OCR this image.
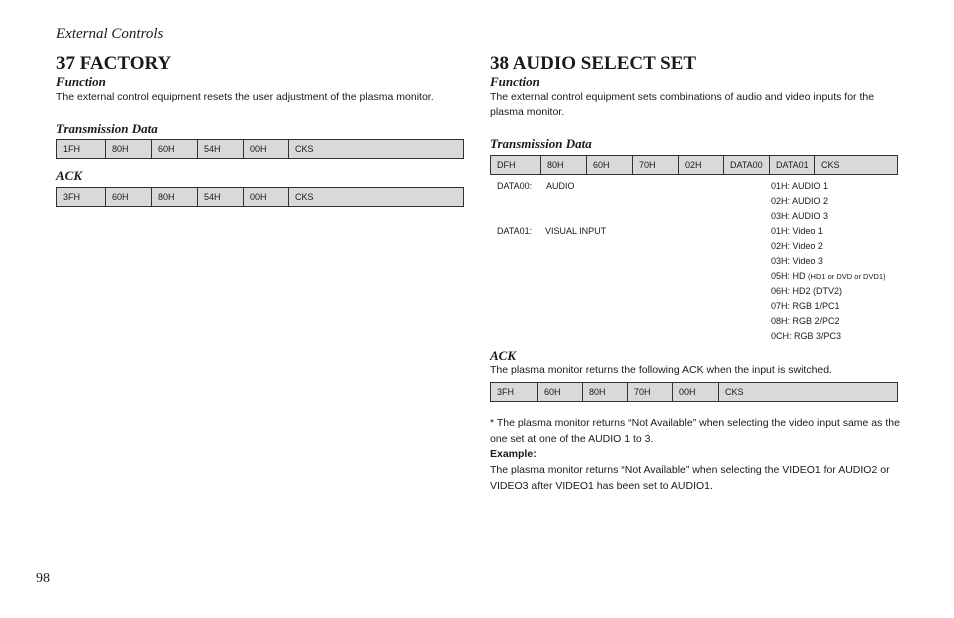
External Controls
37 FACTORY
Function
The external control equipment resets the user adjustment of the plasma monitor.
Transmission Data
1FH	80H	60H	54H	00H	CKS
ACK
3FH	60H	80H	54H	00H	CKS
38 AUDIO SELECT SET
Function
The external control equipment sets combinations of audio and video inputs for the
plasma monitor.
Transmission Data
DFH	80H	60H	70H	02H	DATA00	DATA01	CKS
DATA00: AUDIO	01H: AUDIO 1
02H: AUDIO 2
03H: AUDIO 3
DATA01: VISUAL INPUT	01H: Video 1
02H: Video 2
03H: Video 3
05H: HD (HD1 or DVD or DVD1)
06H: HD2 (DTV2)
07H: RGB 1/PC1
08H: RGB 2/PC2
0CH: RGB 3/PC3
ACK
The plasma monitor returns the following ACK when the input is switched.
3FH	60H	80H	70H	00H	CKS
* The plasma monitor returns “Not Available” when selecting the video input same as the
one set at one of the AUDIO 1 to 3.
Example:
The plasma monitor returns “Not Available” when selecting the VIDEO1 for AUDIO2 or
VIDEO3 after VIDEO1 has been set to AUDIO1.
98
